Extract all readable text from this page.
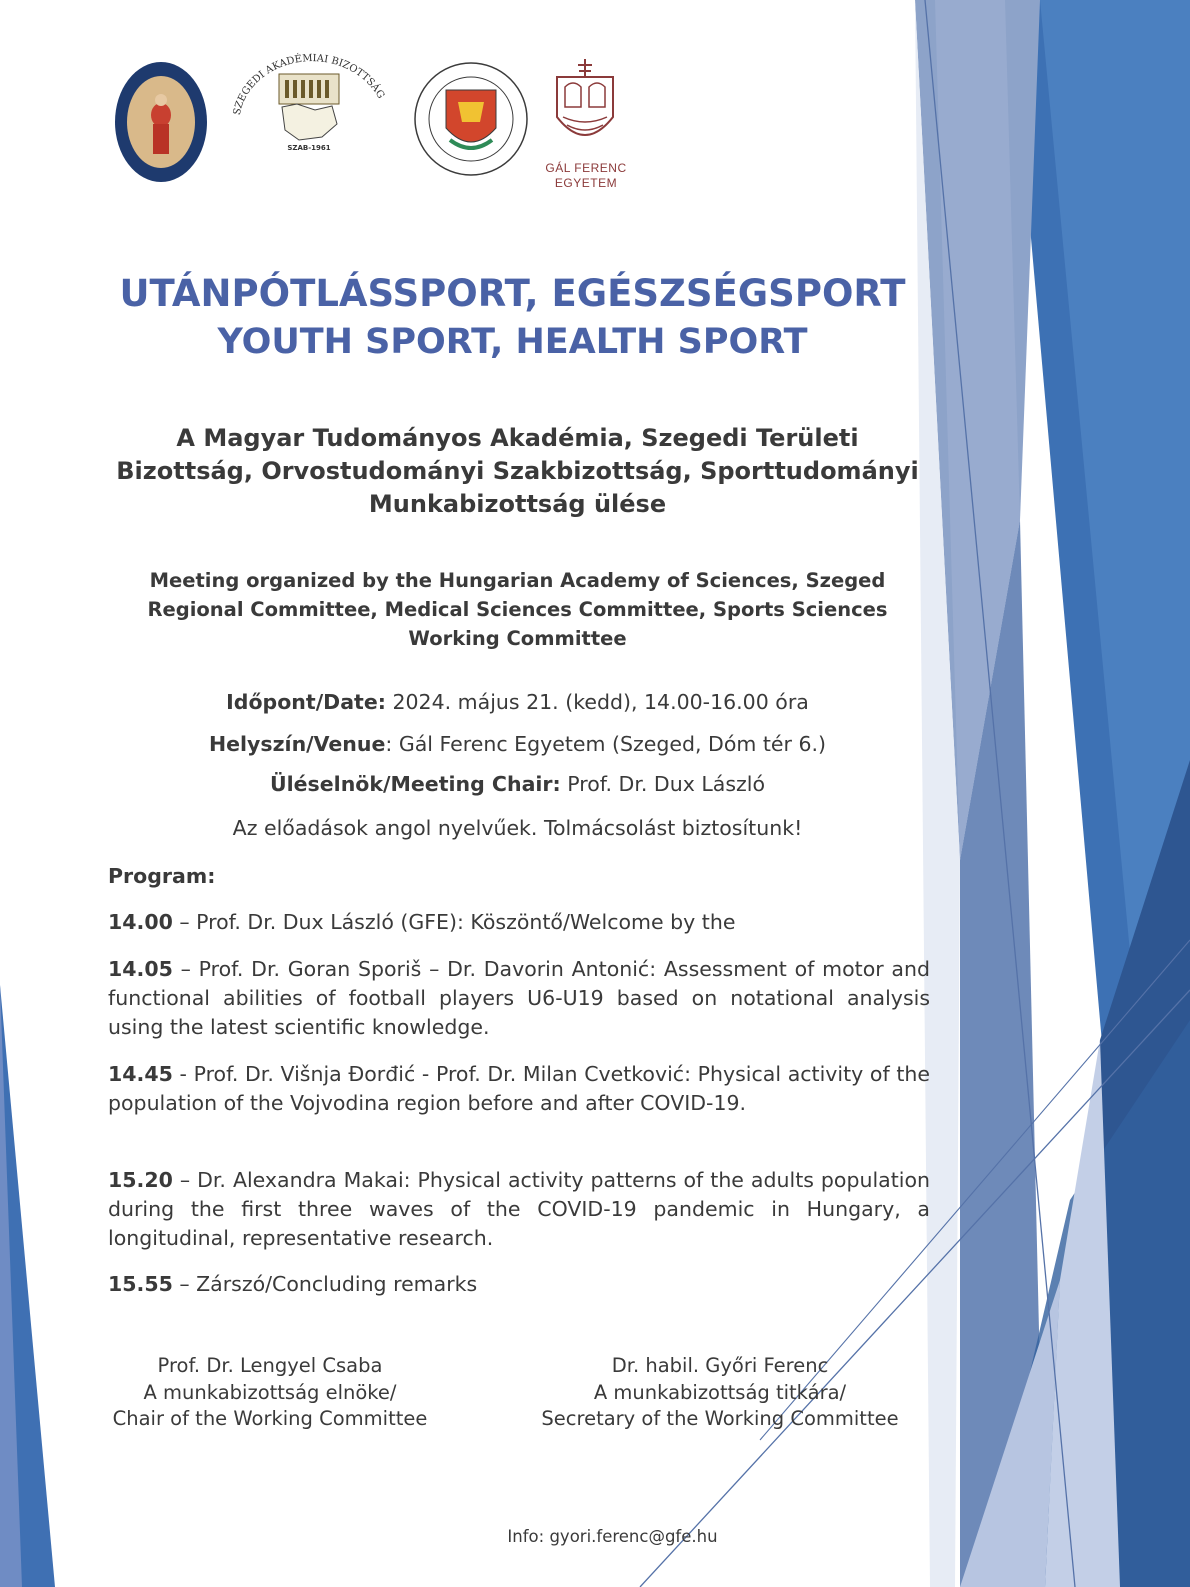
SZEGEDI AKADÉMIAI BIZOTTSÁG
SZAB-1961
GÁL FERENC
EGYETEM
UTÁNPÓTLÁSSPORT, EGÉSZSÉGSPORT
YOUTH SPORT, HEALTH SPORT
A Magyar Tudományos Akadémia, Szegedi Területi Bizottság, Orvostudományi Szakbizottság, Sporttudományi Munkabizottság ülése
Meeting organized by the Hungarian Academy of Sciences, Szeged Regional Committee, Medical Sciences Committee, Sports Sciences Working Committee
Időpont/Date: 2024. május 21. (kedd), 14.00-16.00 óra
Helyszín/Venue: Gál Ferenc Egyetem (Szeged, Dóm tér 6.)
Üléselnök/Meeting Chair: Prof. Dr. Dux László
Az előadások angol nyelvűek. Tolmácsolást biztosítunk!
Program:
14.00 – Prof. Dr. Dux László (GFE): Köszöntő/Welcome by the
14.05 – Prof. Dr. Goran Sporiš – Dr. Davorin Antonić: Assessment of motor and functional abilities of football players U6-U19 based on notational analysis using the latest scientific knowledge.
14.45 - Prof. Dr. Višnja Đorđić - Prof. Dr. Milan Cvetković: Physical activity of the population of the Vojvodina region before and after COVID-19.
15.20 – Dr. Alexandra Makai: Physical activity patterns of the adults population during the first three waves of the COVID-19 pandemic in Hungary, a longitudinal, representative research.
15.55 – Zárszó/Concluding remarks
Prof. Dr. Lengyel Csaba
A munkabizottság elnöke/
Chair of the Working Committee
Dr. habil. Győri Ferenc
A munkabizottság titkára/
Secretary of the Working Committee
Info: gyori.ferenc@gfe.hu
